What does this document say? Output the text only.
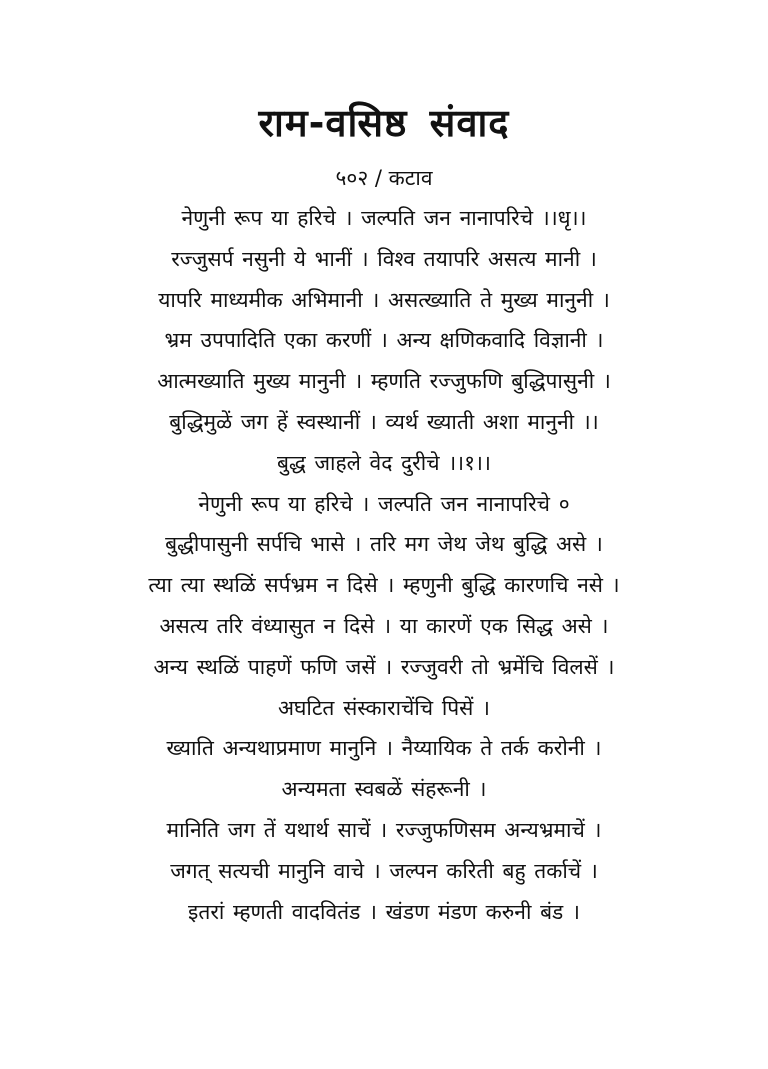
राम-वसिष्ठ संवाद
५०२ / कटाव
नेणुनी रूप या हरिचे । जल्पति जन नानापरिचे ।।धृ।।
रज्जुसर्प नसुनी ये भानीं । विश्व तयापरि असत्य मानी ।
यापरि माध्यमीक अभिमानी । असत्ख्याति ते मुख्य मानुनी ।
भ्रम उपपादिति एका करणीं । अन्य क्षणिकवादि विज्ञानी ।
आत्मख्याति मुख्य मानुनी । म्हणति रज्जुफणि बुद्धिपासुनी ।
बुद्धिमुळें जग हें स्वस्थानीं । व्यर्थ ख्याती अशा मानुनी ।।
बुद्ध जाहले वेद दुरीचे ।।१।।
नेणुनी रूप या हरिचे । जल्पति जन नानापरिचे ०
बुद्धीपासुनी सर्पचि भासे । तरि मग जेथ जेथ बुद्धि असे ।
त्या त्या स्थळिं सर्पभ्रम न दिसे । म्हणुनी बुद्धि कारणचि नसे ।
असत्य तरि वंध्यासुत न दिसे । या कारणें एक सिद्ध असे ।
अन्य स्थळिं पाहणें फणि जसें । रज्जुवरी तो भ्रमेंचि विलसें ।
अघटित संस्काराचेंचि पिसें ।
ख्याति अन्यथाप्रमाण मानुनि । नैय्यायिक ते तर्क करोनी ।
अन्यमता स्वबळें संहरूनी ।
मानिति जग तें यथार्थ साचें । रज्जुफणिसम अन्यभ्रमाचें ।
जगत् सत्यची मानुनि वाचे । जल्पन करिती बहु तर्काचें ।
इतरां म्हणती वादवितंड । खंडण मंडण करुनी बंड ।
